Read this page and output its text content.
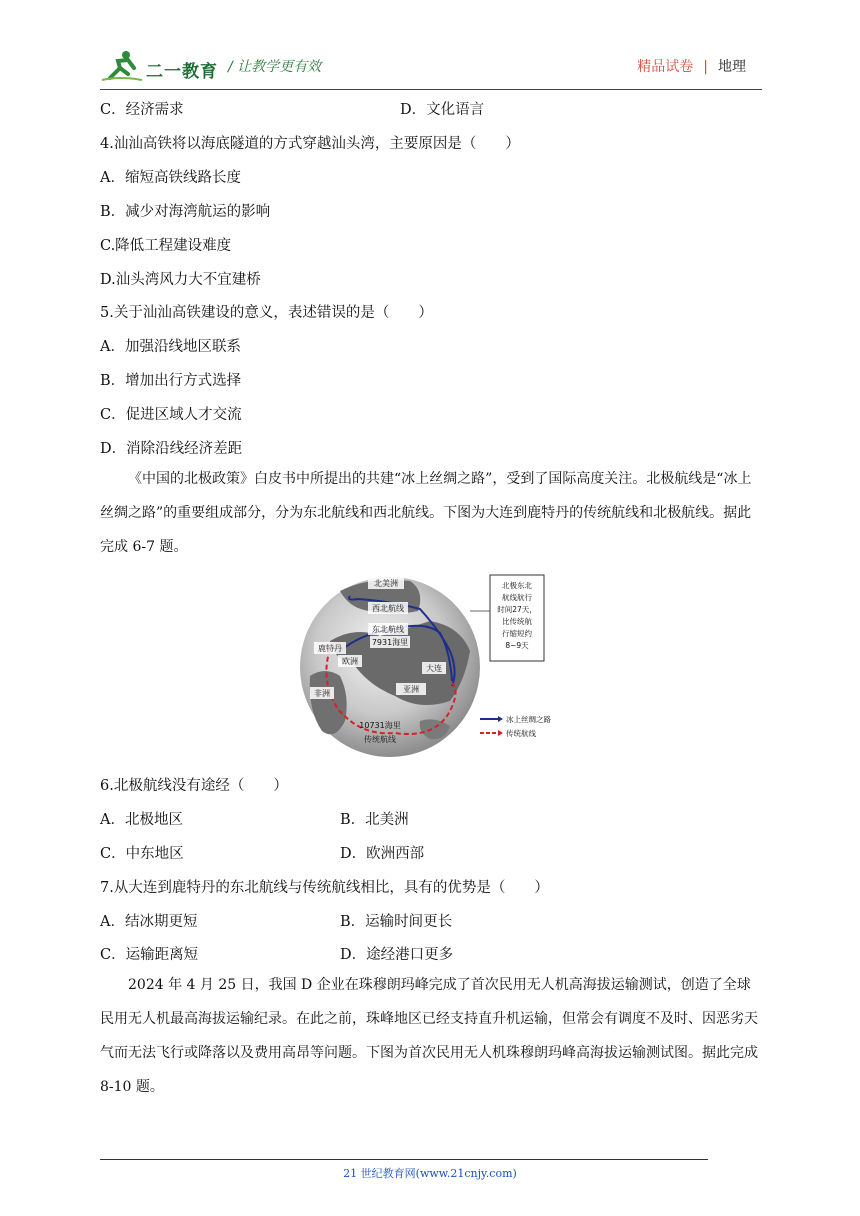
二一教育 / 让教学更有效	精品试卷 | 地理
C．经济需求	D．文化语言
4.汕汕高铁将以海底隧道的方式穿越汕头湾，主要原因是（　　）
A．缩短高铁线路长度
B．减少对海湾航运的影响
C.降低工程建设难度
D.汕头湾风力大不宜建桥
5.关于汕汕高铁建设的意义，表述错误的是（　　）
A．加强沿线地区联系
B．增加出行方式选择
C．促进区域人才交流
D．消除沿线经济差距
《中国的北极政策》白皮书中所提出的共建“冰上丝绸之路”，受到了国际高度关注。北极航线是“冰上丝绸之路”的重要组成部分，分为东北航线和西北航线。下图为大连到鹿特丹的传统航线和北极航线。据此完成 6-7 题。
北美洲
西北航线
东北航线
7931海里
鹿特丹
欧洲
大连
非洲	亚洲
10731海里
传统航线
北极东北
航线航行
时间27天，
比传统航
行缩短约
8~9天
冰上丝绸之路
传统航线
6.北极航线没有途经（　　）
A．北极地区	B．北美洲
C．中东地区	D．欧洲西部
7.从大连到鹿特丹的东北航线与传统航线相比，具有的优势是（　　）
A．结冰期更短	B．运输时间更长
C．运输距离短	D．途经港口更多
2024 年 4 月 25 日，我国 D 企业在珠穆朗玛峰完成了首次民用无人机高海拔运输测试，创造了全球民用无人机最高海拔运输纪录。在此之前，珠峰地区已经支持直升机运输，但常会有调度不及时、因恶劣天气而无法飞行或降落以及费用高昂等问题。下图为首次民用无人机珠穆朗玛峰高海拔运输测试图。据此完成 8-10 题。
21 世纪教育网(www.21cnjy.com)
